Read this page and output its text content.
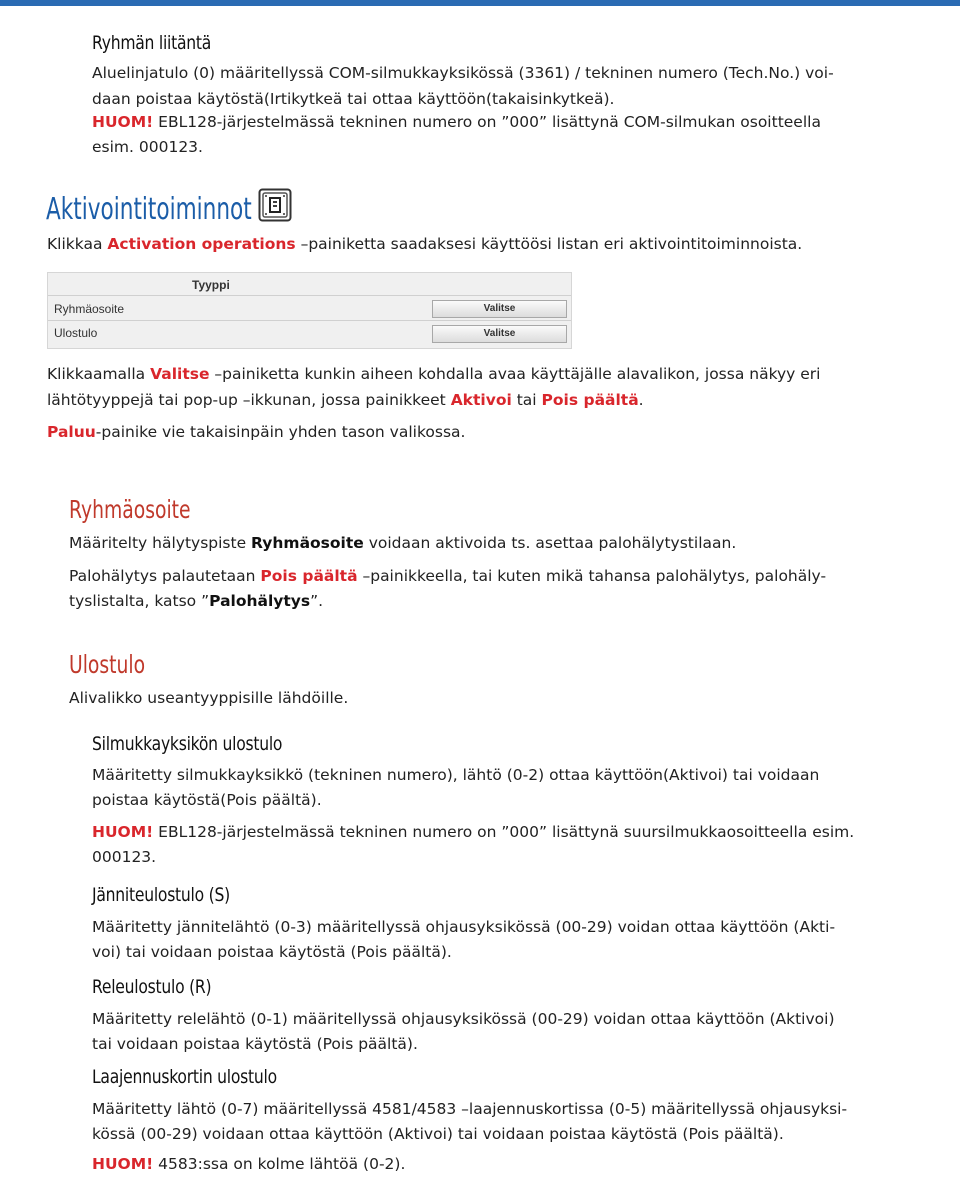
Ryhmän liitäntä
Aluelinjatulo (0) määritellyssä COM-silmukkayksikössä (3361) / tekninen numero (Tech.No.) voi-
daan poistaa käytöstä(Irtikytkeä tai ottaa käyttöön(takaisinkytkeä).
HUOM! EBL128-järjestelmässä tekninen numero on ”000” lisättynä COM-silmukan osoitteella
esim. 000123.
Aktivointitoiminnot
Klikkaa Activation operations –painiketta saadaksesi käyttöösi listan eri aktivointitoiminnoista.
Tyyppi
Ryhmäosoite	Valitse
Ulostulo	Valitse
Klikkaamalla Valitse –painiketta kunkin aiheen kohdalla avaa käyttäjälle alavalikon, jossa näkyy eri
lähtötyyppejä tai pop-up –ikkunan, jossa painikkeet Aktivoi tai Pois päältä.
Paluu-painike vie takaisinpäin yhden tason valikossa.
Ryhmäosoite
Määritelty hälytyspiste Ryhmäosoite voidaan aktivoida ts. asettaa palohälytystilaan.
Palohälytys palautetaan Pois päältä –painikkeella, tai kuten mikä tahansa palohälytys, palohäly-
tyslistalta, katso ”Palohälytys”.
Ulostulo
Alivalikko useantyyppisille lähdöille.
Silmukkayksikön ulostulo
Määritetty silmukkayksikkö (tekninen numero), lähtö (0-2) ottaa käyttöön(Aktivoi) tai voidaan
poistaa käytöstä(Pois päältä).
HUOM! EBL128-järjestelmässä tekninen numero on ”000” lisättynä suursilmukkaosoitteella esim.
000123.
Jänniteulostulo (S)
Määritetty jännitelähtö (0-3) määritellyssä ohjausyksikössä (00-29) voidan ottaa käyttöön (Akti-
voi) tai voidaan poistaa käytöstä (Pois päältä).
Releulostulo (R)
Määritetty relelähtö (0-1) määritellyssä ohjausyksikössä (00-29) voidan ottaa käyttöön (Aktivoi)
tai voidaan poistaa käytöstä (Pois päältä).
Laajennuskortin ulostulo
Määritetty lähtö (0-7) määritellyssä 4581/4583 –laajennuskortissa (0-5) määritellyssä ohjausyksi-
kössä (00-29) voidaan ottaa käyttöön (Aktivoi) tai voidaan poistaa käytöstä (Pois päältä).
HUOM! 4583:ssa on kolme lähtöä (0-2).
